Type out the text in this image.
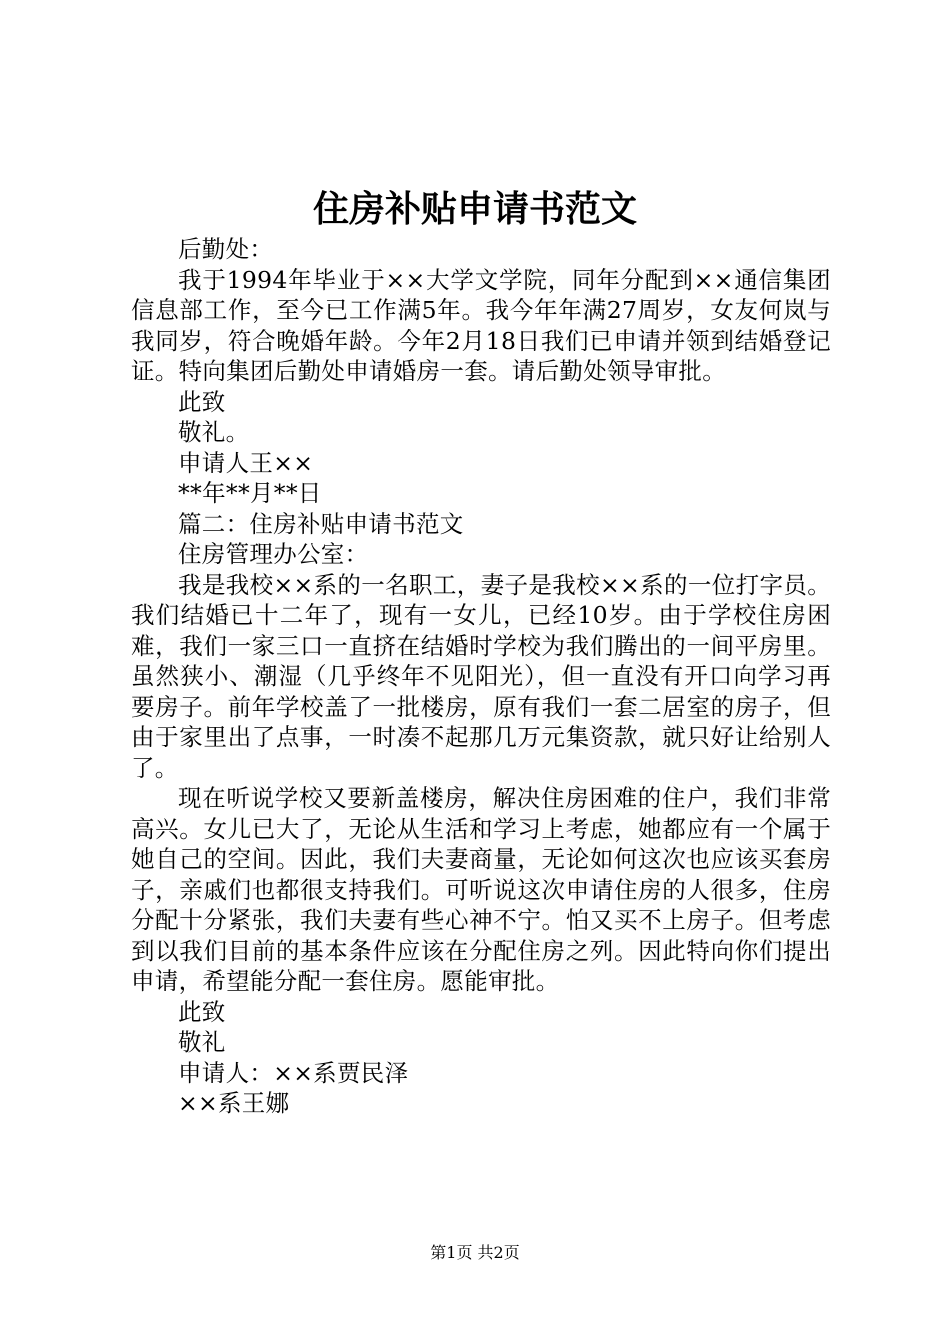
住房补贴申请书范文

后勤处：

我于1994年毕业于××大学文学院，同年分配到××通信集团信息部工作，至今已工作满5年。我今年年满27周岁，女友何岚与我同岁，符合晚婚年龄。今年2月18日我们已申请并领到结婚登记证。特向集团后勤处申请婚房一套。请后勤处领导审批。

此致

敬礼。

申请人王××

**年**月**日

篇二：住房补贴申请书范文

住房管理办公室：

我是我校××系的一名职工，妻子是我校××系的一位打字员。我们结婚已十二年了，现有一女儿，已经10岁。由于学校住房困难，我们一家三口一直挤在结婚时学校为我们腾出的一间平房里。虽然狭小、潮湿（几乎终年不见阳光），但一直没有开口向学习再要房子。前年学校盖了一批楼房，原有我们一套二居室的房子，但由于家里出了点事，一时凑不起那几万元集资款，就只好让给别人了。

现在听说学校又要新盖楼房，解决住房困难的住户，我们非常高兴。女儿已大了，无论从生活和学习上考虑，她都应有一个属于她自己的空间。因此，我们夫妻商量，无论如何这次也应该买套房子，亲戚们也都很支持我们。可听说这次申请住房的人很多，住房分配十分紧张，我们夫妻有些心神不宁。怕又买不上房子。但考虑到以我们目前的基本条件应该在分配住房之列。因此特向你们提出申请，希望能分配一套住房。愿能审批。

此致

敬礼

申请人：××系贾民泽

××系王娜

第1页 共2页
